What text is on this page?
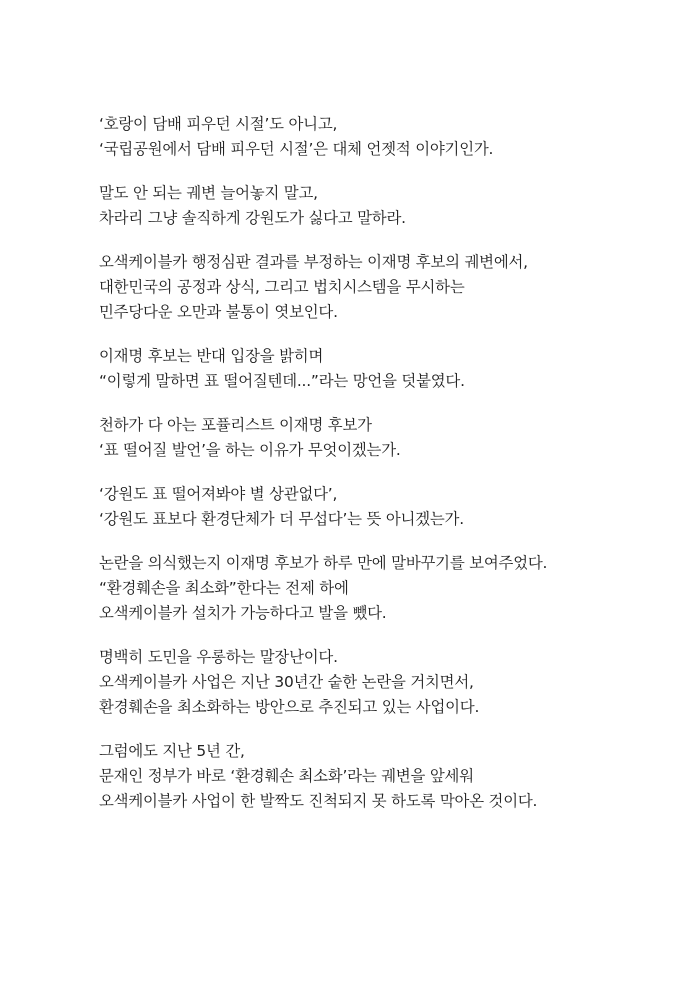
‘호랑이 담배 피우던 시절’도 아니고,
‘국립공원에서 담배 피우던 시절’은 대체 언젯적 이야기인가.
말도 안 되는 궤변 늘어놓지 말고,
차라리 그냥 솔직하게 강원도가 싫다고 말하라.
오색케이블카 행정심판 결과를 부정하는 이재명 후보의 궤변에서,
대한민국의 공정과 상식, 그리고 법치시스템을 무시하는
민주당다운 오만과 불통이 엿보인다.
이재명 후보는 반대 입장을 밝히며
“이렇게 말하면 표 떨어질텐데...”라는 망언을 덧붙였다.
천하가 다 아는 포퓰리스트 이재명 후보가
‘표 떨어질 발언’을 하는 이유가 무엇이겠는가.
‘강원도 표 떨어져봐야 별 상관없다’,
‘강원도 표보다 환경단체가 더 무섭다’는 뜻 아니겠는가.
논란을 의식했는지 이재명 후보가 하루 만에 말바꾸기를 보여주었다.
“환경훼손을 최소화”한다는 전제 하에
오색케이블카 설치가 가능하다고 발을 뺐다.
명백히 도민을 우롱하는 말장난이다.
오색케이블카 사업은 지난 30년간 숱한 논란을 거치면서,
환경훼손을 최소화하는 방안으로 추진되고 있는 사업이다.
그럼에도 지난 5년 간,
문재인 정부가 바로 ‘환경훼손 최소화’라는 궤변을 앞세워
오색케이블카 사업이 한 발짝도 진척되지 못 하도록 막아온 것이다.
